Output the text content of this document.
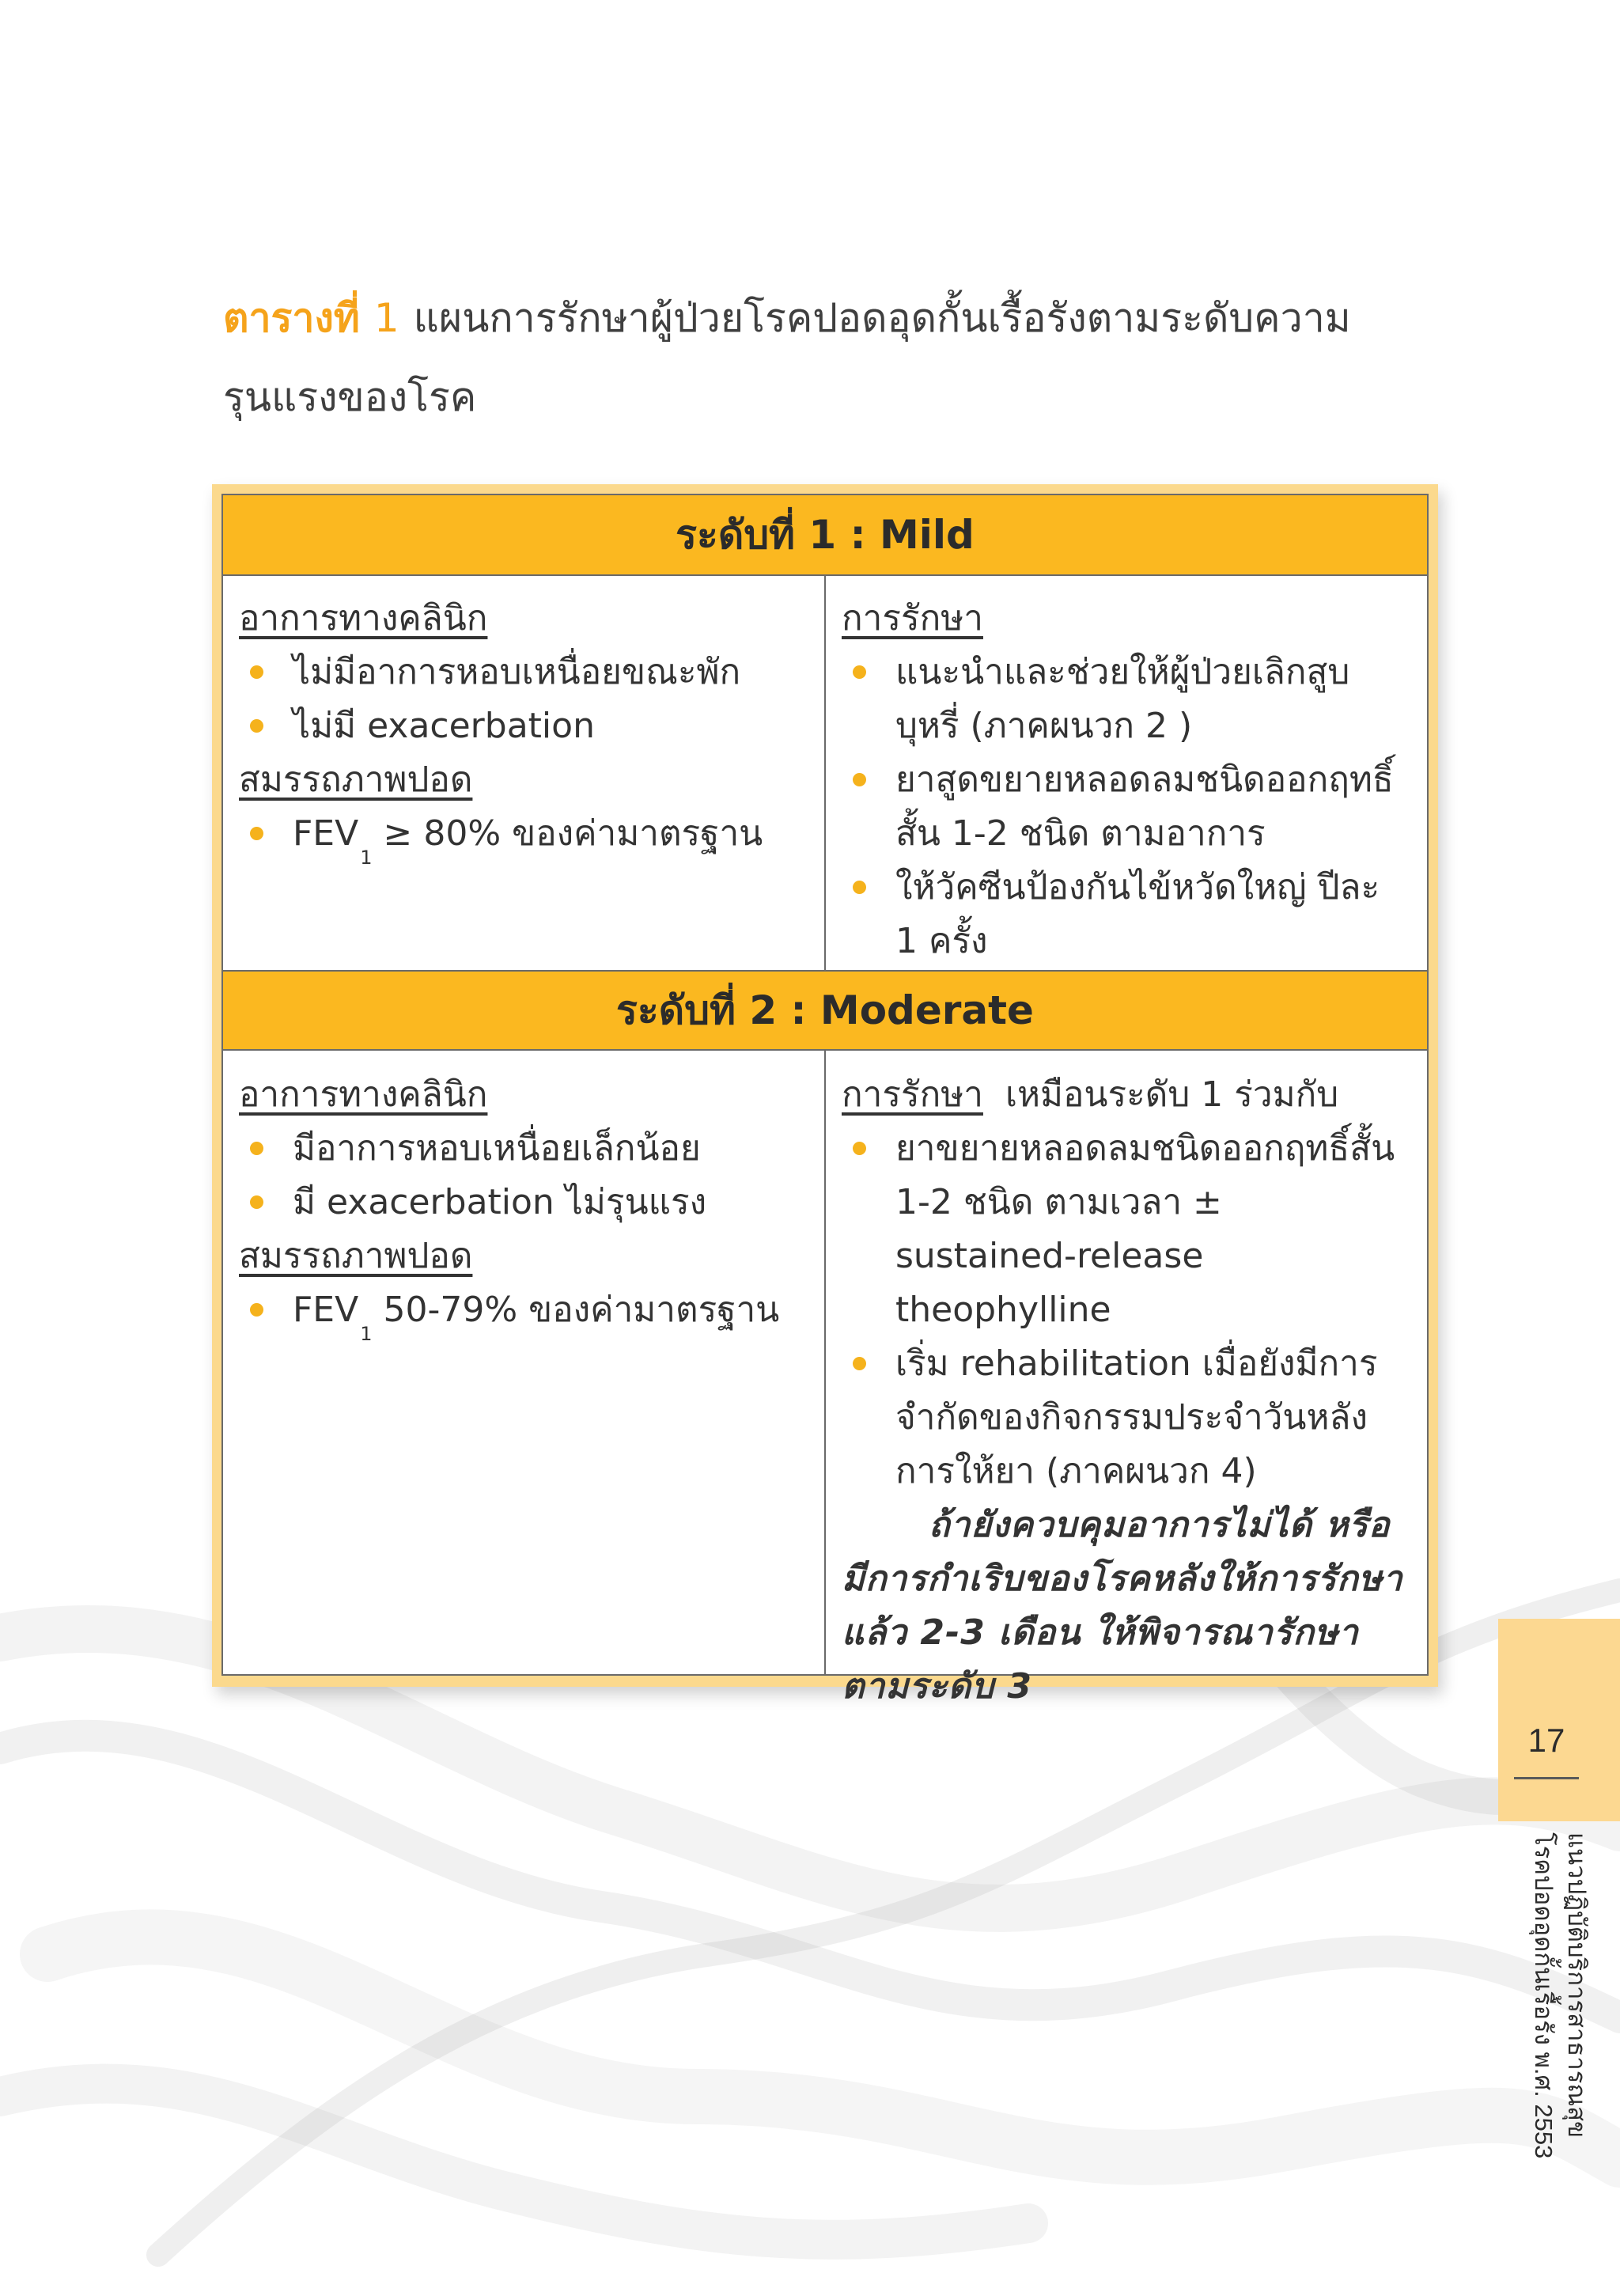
ตารางที่ 1 แผนการรักษาผู้ป่วยโรคปอดอุดกั้นเรื้อรังตามระดับความ
รุนแรงของโรค
ระดับที่ 1 : Mild
อาการทางคลินิก
ไม่มีอาการหอบเหนื่อยขณะพัก
ไม่มี exacerbation
สมรรถภาพปอด
$FEV_1\ge 80\%$ ของค่ามาตรฐาน
การรักษา
แนะนำและช่วยให้ผู้ป่วยเลิกสูบบุหรี่ (ภาคผนวก 2 )
ยาสูดขยายหลอดลมชนิดออกฤทธิ์สั้น 1-2 ชนิด ตามอาการ
ให้วัคซีนป้องกันไข้หวัดใหญ่ ปีละ 1 ครั้ง
ระดับที่ 2 : Moderate
อาการทางคลินิก
มีอาการหอบเหนื่อยเล็กน้อย
มี exacerbation ไม่รุนแรง
สมรรถภาพปอด
$FEV_150-79\%$ ของค่ามาตรฐาน
การรักษา เหมือนระดับ 1 ร่วมกับ
ยาขยายหลอดลมชนิดออกฤทธิ์สั้น 1-2 ชนิด ตามเวลา ± sustained-release theophylline
เริ่ม rehabilitation เมื่อยังมีการจำกัดของกิจกรรมประจำวันหลังการให้ยา (ภาคผนวก 4)
ถ้ายังควบคุมอาการไม่ได้ หรือมีการกำเริบของโรคหลังให้การรักษาแล้ว 2-3 เดือน ให้พิจารณารักษาตามระดับ 3
17
แนวปฏิบัติบริการสาธารณสุข
โรคปอดอุดกั้นเรื้อรัง พ.ศ. 2553
